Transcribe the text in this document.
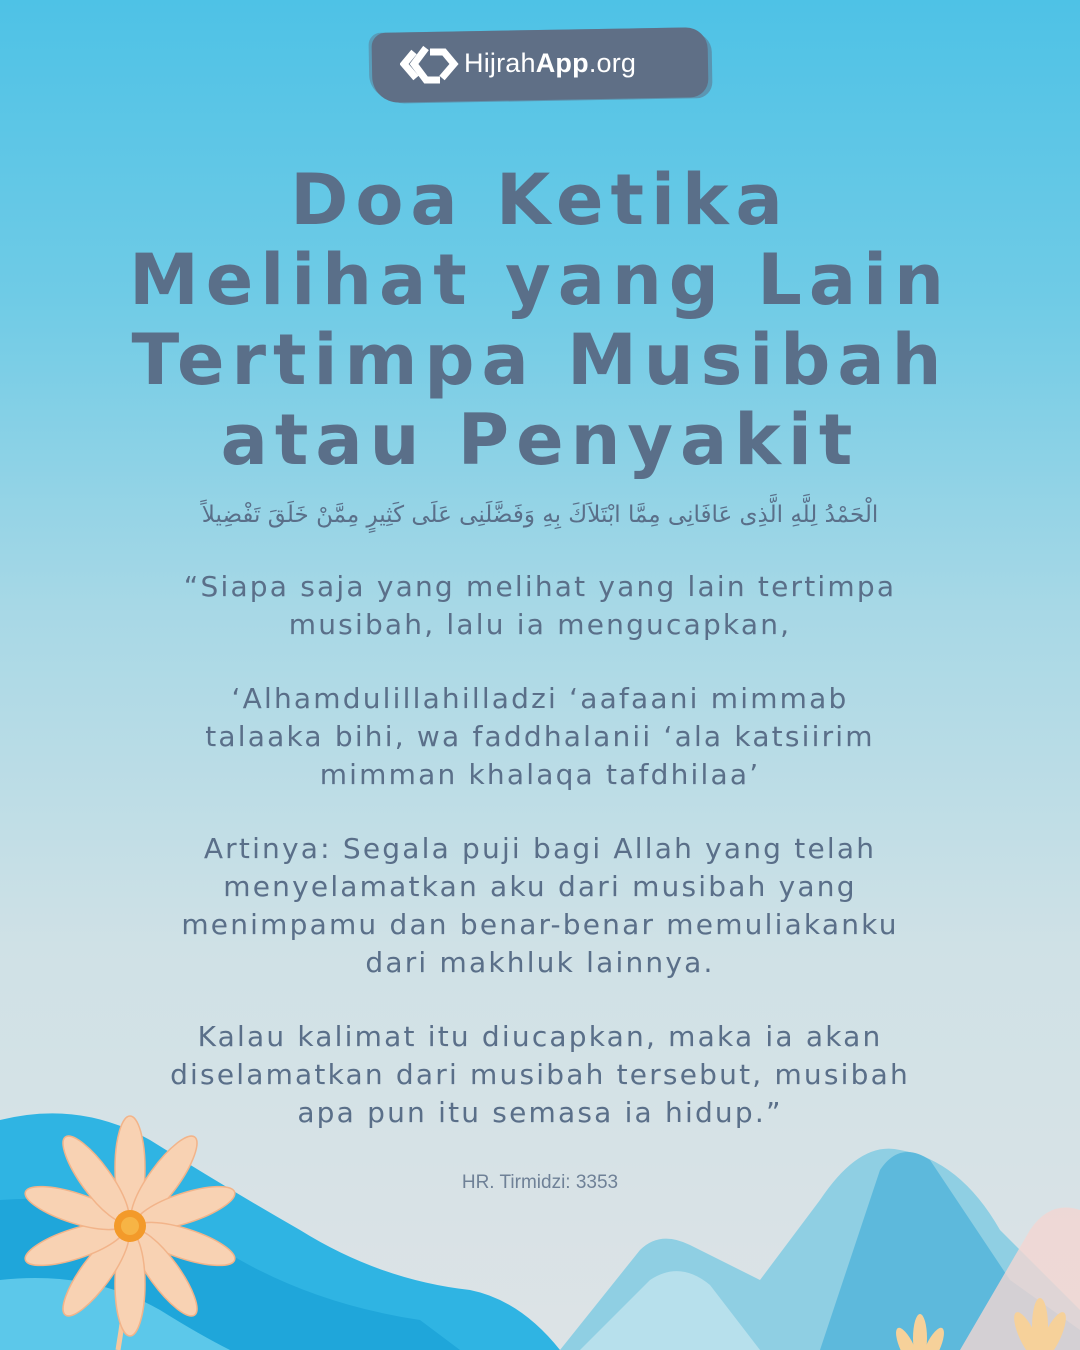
HijrahApp.org
Doa Ketika
Melihat yang Lain
Tertimpa Musibah
atau Penyakit
الْحَمْدُ لِلَّهِ الَّذِى عَافَانِى مِمَّا ابْتَلاَكَ بِهِ وَفَضَّلَنِى عَلَى كَثِيرٍ مِمَّنْ خَلَقَ تَفْضِيلاً
“Siapa saja yang melihat yang lain tertimpa
musibah, lalu ia mengucapkan,
‘Alhamdulillahilladzi ‘aafaani mimmab
talaaka bihi, wa faddhalanii ‘ala katsiirim
mimman khalaqa tafdhilaa’
Artinya: Segala puji bagi Allah yang telah
menyelamatkan aku dari musibah yang
menimpamu dan benar-benar memuliakanku
dari makhluk lainnya.
Kalau kalimat itu diucapkan, maka ia akan
diselamatkan dari musibah tersebut, musibah
apa pun itu semasa ia hidup.”
HR. Tirmidzi: 3353
